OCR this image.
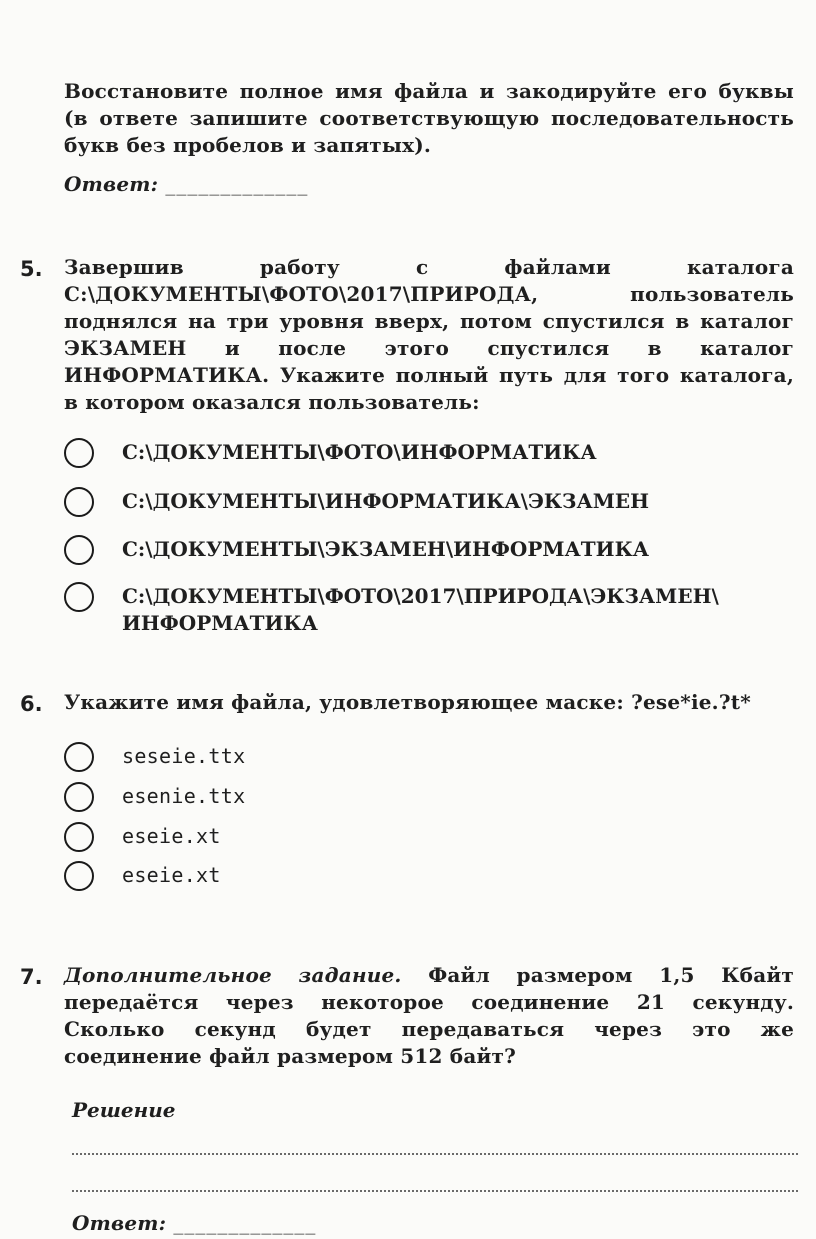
Восстановите полное имя файла и закодируйте его буквы (в ответе запишите соответствующую последовательность букв без пробелов и запятых).
Ответ: _____________
5. Завершив работу с файлами каталога С:\ДОКУМЕНТЫ\ФОТО\2017\ПРИРОДА, пользователь поднялся на три уровня вверх, потом спустился в каталог ЭКЗАМЕН и после этого спустился в каталог ИНФОРМАТИКА. Укажите полный путь для того каталога, в котором оказался пользователь:
С:\ДОКУМЕНТЫ\ФОТО\ИНФОРМАТИКА
С:\ДОКУМЕНТЫ\ИНФОРМАТИКА\ЭКЗАМЕН
С:\ДОКУМЕНТЫ\ЭКЗАМЕН\ИНФОРМАТИКА
С:\ДОКУМЕНТЫ\ФОТО\2017\ПРИРОДА\ЭКЗАМЕН\ ИНФОРМАТИКА
6. Укажите имя файла, удовлетворяющее маске: ?ese*ie.?t*
seseie.ttx
esenie.ttx
eseie.xt
eseie.xt
7. Дополнительное задание. Файл размером 1,5 Кбайт передаётся через некоторое соединение 21 секунду. Сколько секунд будет передаваться через это же соединение файл размером 512 байт?
Решение
Ответ: _____________
